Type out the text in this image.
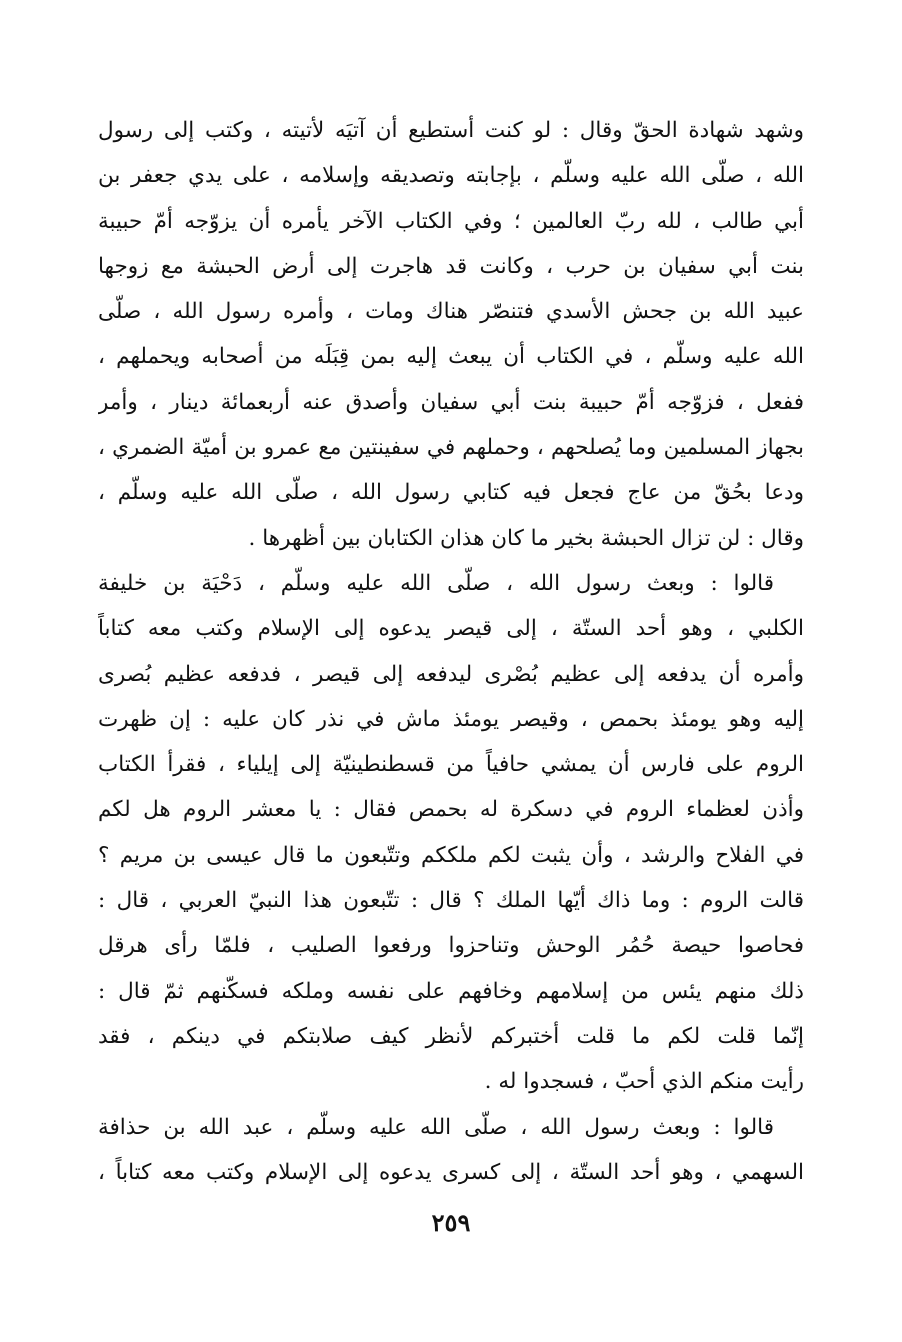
وشهد شهادة الحقّ وقال : لو كنت أستطيع أن آتيَه لأتيته ، وكتب إلى رسول
الله ، صلّى الله عليه وسلّم ، بإجابته وتصديقه وإسلامه ، على يدي جعفر بن
أبي طالب ، لله ربّ العالمين ؛ وفي الكتاب الآخر يأمره أن يزوّجه أمّ حبيبة
بنت أبي سفيان بن حرب ، وكانت قد هاجرت إلى أرض الحبشة مع زوجها
عبيد الله بن جحش الأسدي فتنصّر هناك ومات ، وأمره رسول الله ، صلّى
الله عليه وسلّم ، في الكتاب أن يبعث إليه بمن قِبَلَه من أصحابه ويحملهم ،
ففعل ، فزوّجه أمّ حبيبة بنت أبي سفيان وأصدق عنه أربعمائة دينار ، وأمر
بجهاز المسلمين وما يُصلحهم ، وحملهم في سفينتين مع عمرو بن أميّة الضمري ،
ودعا بحُقّ من عاج فجعل فيه كتابي رسول الله ، صلّى الله عليه وسلّم ،
وقال : لن تزال الحبشة بخير ما كان هذان الكتابان بين أظهرها .
قالوا : وبعث رسول الله ، صلّى الله عليه وسلّم ، دَحْيَة بن خليفة
الكلبي ، وهو أحد الستّة ، إلى قيصر يدعوه إلى الإسلام وكتب معه كتاباً
وأمره أن يدفعه إلى عظيم بُصْرى ليدفعه إلى قيصر ، فدفعه عظيم بُصرى
إليه وهو يومئذ بحمص ، وقيصر يومئذ ماش في نذر كان عليه : إن ظهرت
الروم على فارس أن يمشي حافياً من قسطنطينيّة إلى إيلياء ، فقرأ الكتاب
وأذن لعظماء الروم في دسكرة له بحمص فقال : يا معشر الروم هل لكم
في الفلاح والرشد ، وأن يثبت لكم ملككم وتتّبعون ما قال عيسى بن مريم ؟
قالت الروم : وما ذاك أيّها الملك ؟ قال : تتّبعون هذا النبيّ العربي ، قال :
فحاصوا حيصة حُمُر الوحش وتناحزوا ورفعوا الصليب ، فلمّا رأى هرقل
ذلك منهم يئس من إسلامهم وخافهم على نفسه وملكه فسكّنهم ثمّ قال :
إنّما قلت لكم ما قلت أختبركم لأنظر كيف صلابتكم في دينكم ، فقد
رأيت منكم الذي أحبّ ، فسجدوا له .
قالوا : وبعث رسول الله ، صلّى الله عليه وسلّم ، عبد الله بن حذافة
السهمي ، وهو أحد الستّة ، إلى كسرى يدعوه إلى الإسلام وكتب معه كتاباً ،
٢٥٩
